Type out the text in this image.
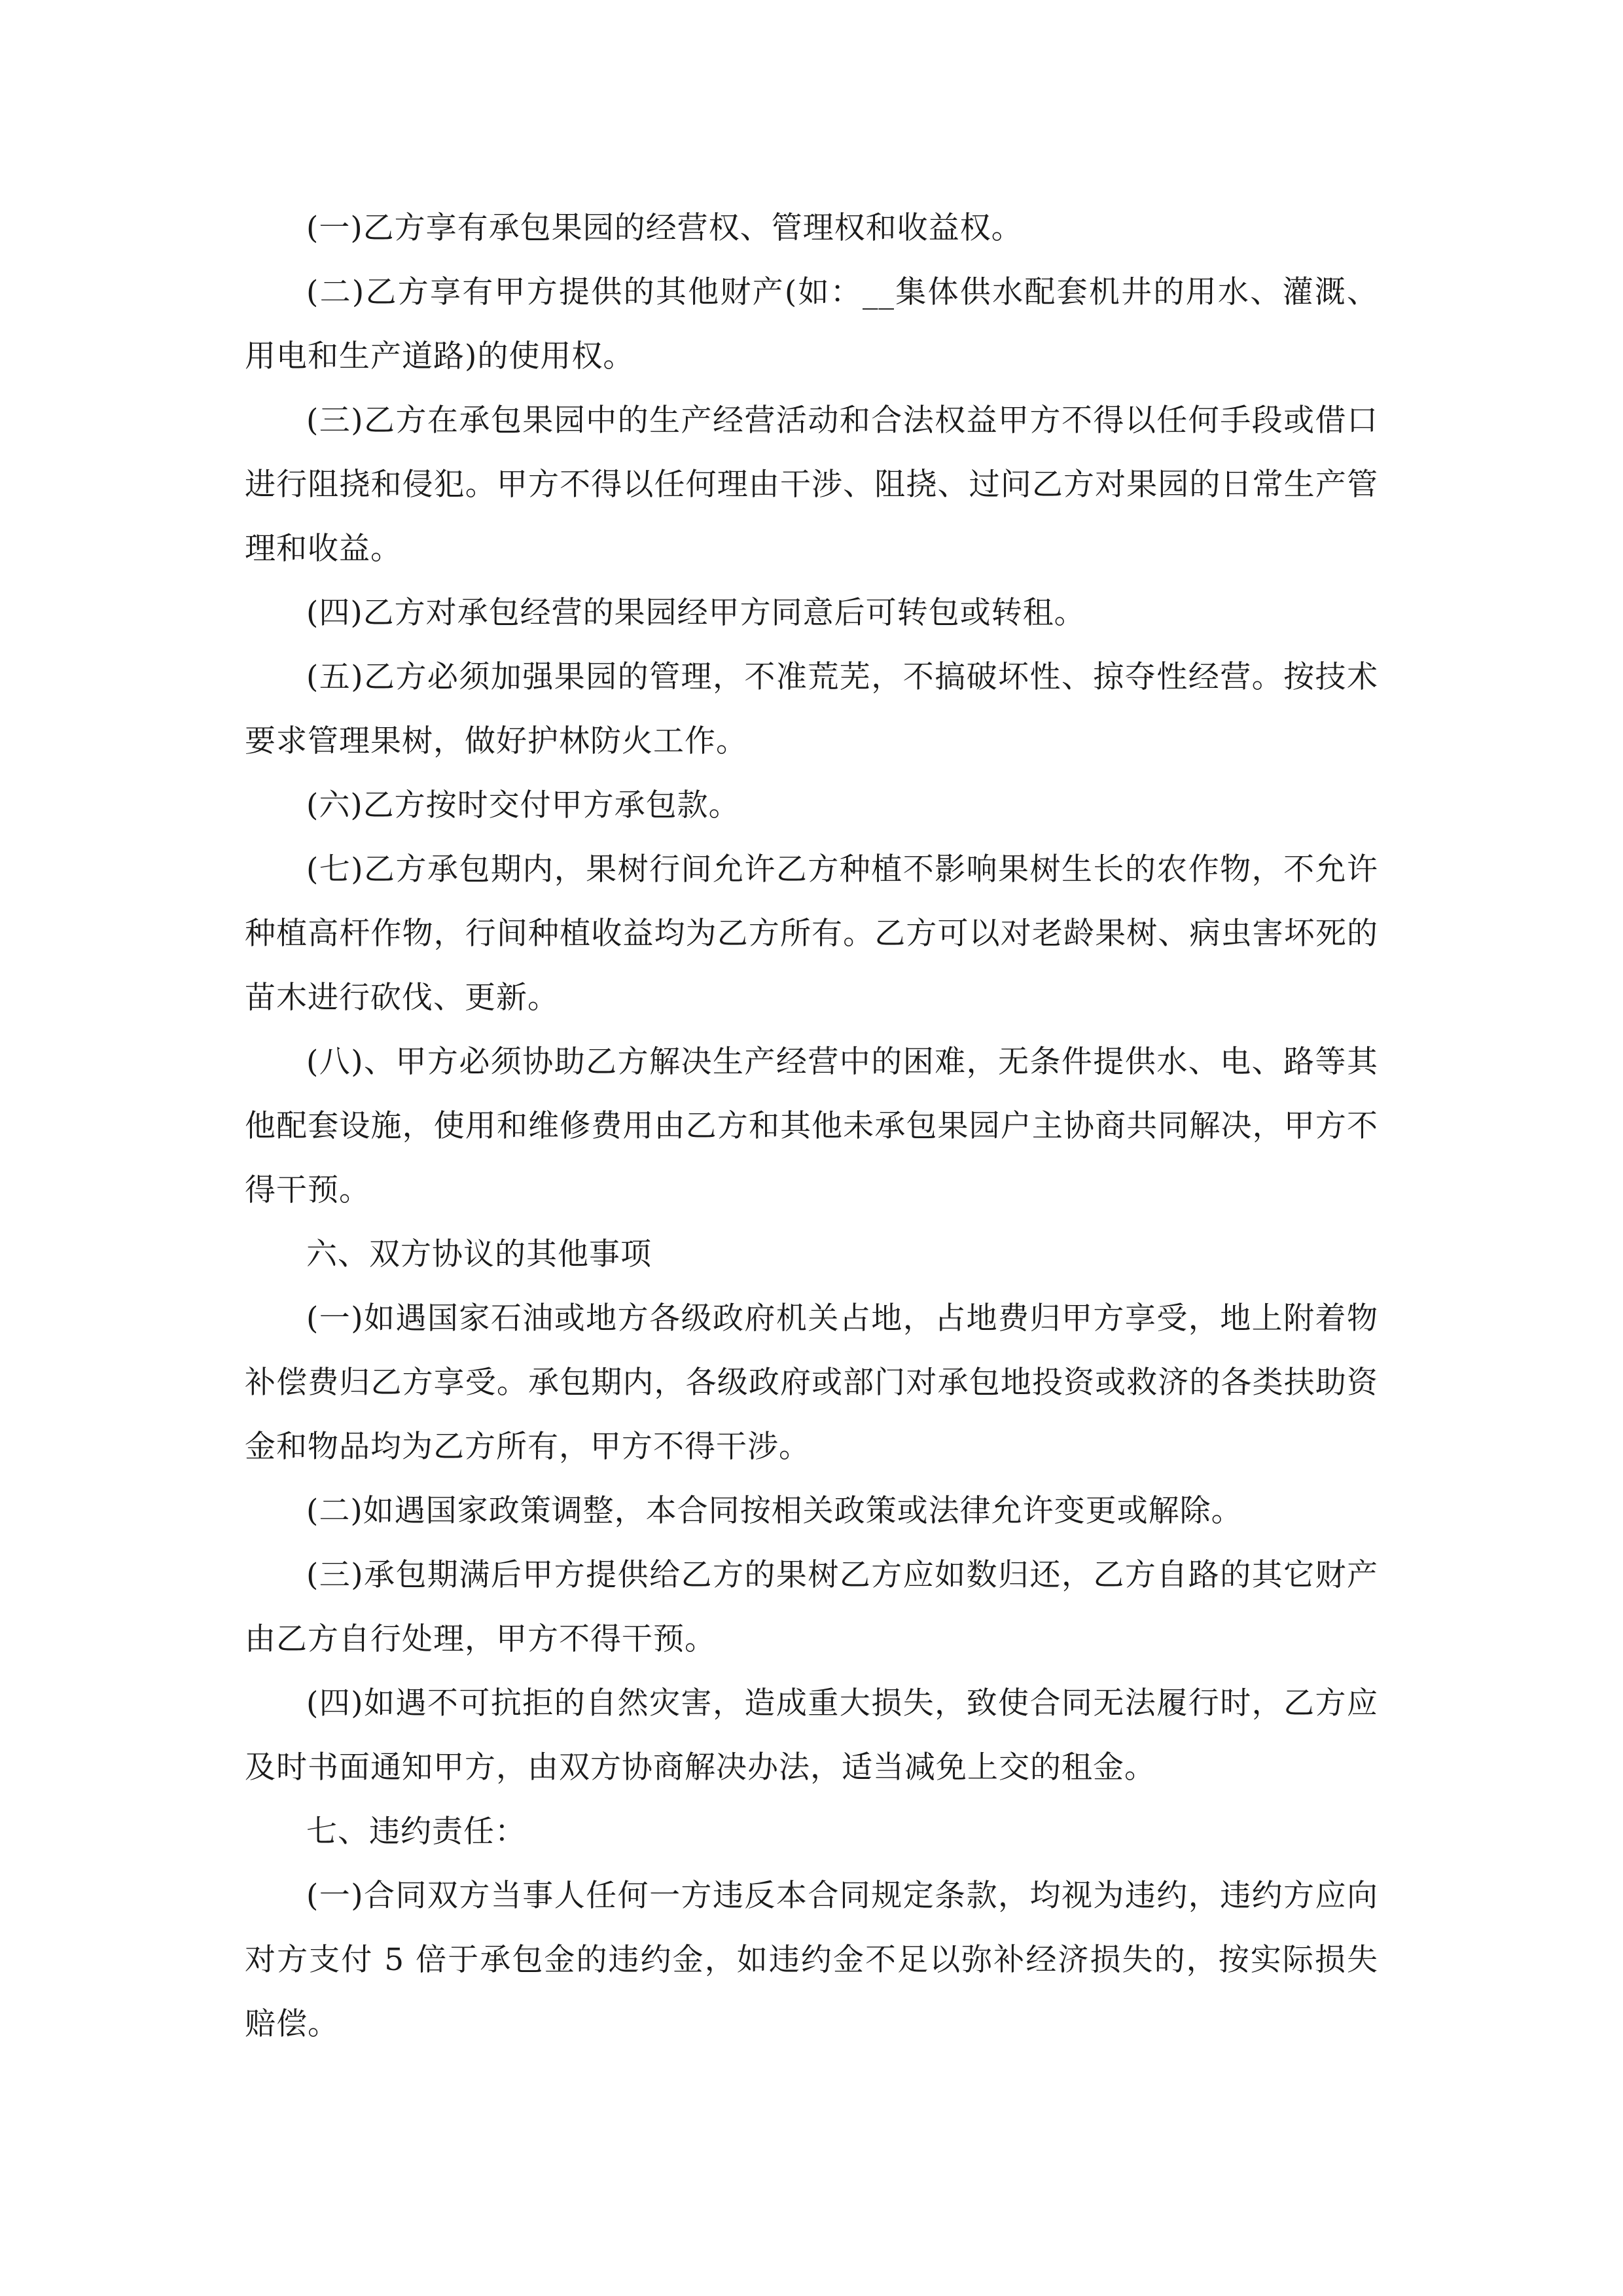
(一)乙方享有承包果园的经营权、管理权和收益权。

(二)乙方享有甲方提供的其他财产(如：__集体供水配套机井的用水、灌溉、用电和生产道路)的使用权。

(三)乙方在承包果园中的生产经营活动和合法权益甲方不得以任何手段或借口进行阻挠和侵犯。甲方不得以任何理由干涉、阻挠、过问乙方对果园的日常生产管理和收益。

(四)乙方对承包经营的果园经甲方同意后可转包或转租。

(五)乙方必须加强果园的管理，不准荒芜，不搞破坏性、掠夺性经营。按技术要求管理果树，做好护林防火工作。

(六)乙方按时交付甲方承包款。

(七)乙方承包期内，果树行间允许乙方种植不影响果树生长的农作物，不允许种植高杆作物，行间种植收益均为乙方所有。乙方可以对老龄果树、病虫害坏死的苗木进行砍伐、更新。

(八)、甲方必须协助乙方解决生产经营中的困难，无条件提供水、电、路等其他配套设施，使用和维修费用由乙方和其他未承包果园户主协商共同解决，甲方不得干预。

六、双方协议的其他事项

(一)如遇国家石油或地方各级政府机关占地，占地费归甲方享受，地上附着物补偿费归乙方享受。承包期内，各级政府或部门对承包地投资或救济的各类扶助资金和物品均为乙方所有，甲方不得干涉。

(二)如遇国家政策调整，本合同按相关政策或法律允许变更或解除。

(三)承包期满后甲方提供给乙方的果树乙方应如数归还，乙方自路的其它财产由乙方自行处理，甲方不得干预。

(四)如遇不可抗拒的自然灾害，造成重大损失，致使合同无法履行时，乙方应及时书面通知甲方，由双方协商解决办法，适当减免上交的租金。

七、违约责任：

(一)合同双方当事人任何一方违反本合同规定条款，均视为违约，违约方应向对方支付 5 倍于承包金的违约金，如违约金不足以弥补经济损失的，按实际损失赔偿。
